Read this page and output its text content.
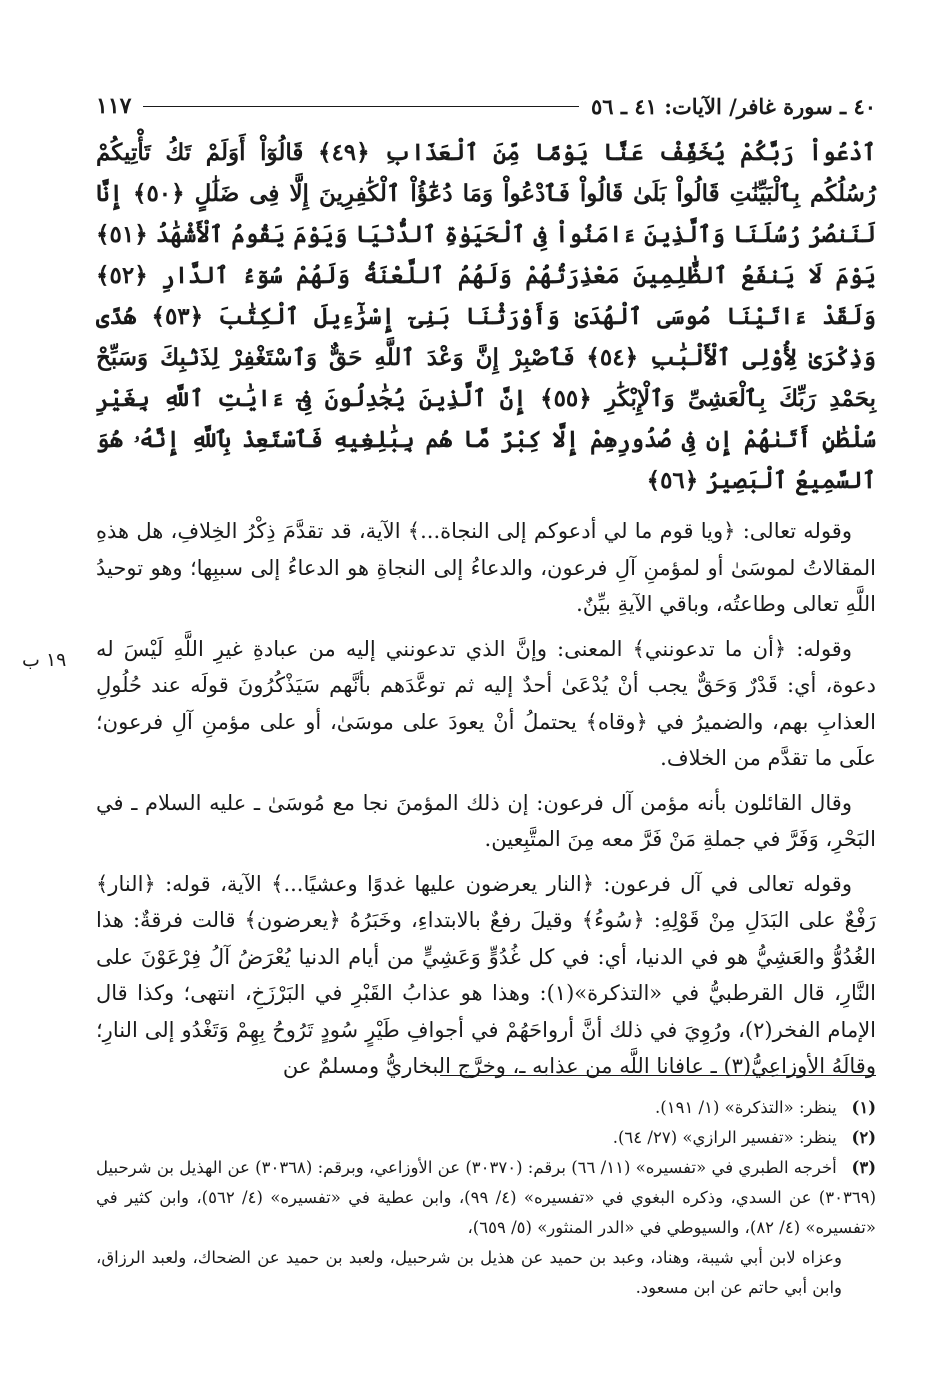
٤٠ ـ سورة غافر/ الآيات: ٤١ ـ ٥٦
١١٧
ٱدْعُواْ رَبَّكُمْ يُخَفِّفْ عَنَّا يَوْمًا مِّنَ ٱلْعَذَابِ ﴿٤٩﴾ قَالُوٓاْ أَوَلَمْ تَكُ تَأْتِيكُمْ رُسُلُكُم بِٱلْبَيِّنَٰتِ قَالُواْ بَلَىٰ قَالُواْ فَٱدْعُواْ وَمَا دُعَٰٓؤُاْ ٱلْكَٰفِرِينَ إِلَّا فِى ضَلَٰلٍ ﴿٥٠﴾ إِنَّا لَنَنصُرُ رُسُلَنَا وَٱلَّذِينَ ءَامَنُواْ فِى ٱلْحَيَوٰةِ ٱلدُّنْيَا وَيَوْمَ يَقُومُ ٱلْأَشْهَٰدُ ﴿٥١﴾ يَوْمَ لَا يَنفَعُ ٱلظَّٰلِمِينَ مَعْذِرَتُهُمْ وَلَهُمُ ٱللَّعْنَةُ وَلَهُمْ سُوٓءُ ٱلدَّارِ ﴿٥٢﴾ وَلَقَدْ ءَاتَيْنَا مُوسَى ٱلْهُدَىٰ وَأَوْرَثْنَا بَنِىٓ إِسْرَٰٓءِيلَ ٱلْكِتَٰبَ ﴿٥٣﴾ هُدًى وَذِكْرَىٰ لِأُوْلِى ٱلْأَلْبَٰبِ ﴿٥٤﴾ فَٱصْبِرْ إِنَّ وَعْدَ ٱللَّهِ حَقٌّ وَٱسْتَغْفِرْ لِذَنۢبِكَ وَسَبِّحْ بِحَمْدِ رَبِّكَ بِٱلْعَشِىِّ وَٱلْإِبْكَٰرِ ﴿٥٥﴾ إِنَّ ٱلَّذِينَ يُجَٰدِلُونَ فِىٓ ءَايَٰتِ ٱللَّهِ بِغَيْرِ سُلْطَٰنٍ أَتَىٰهُمْ إِن فِى صُدُورِهِمْ إِلَّا كِبْرٌ مَّا هُم بِبَٰلِغِيهِ فَٱسْتَعِذْ بِٱللَّهِ إِنَّهُۥ هُوَ ٱلسَّمِيعُ ٱلْبَصِيرُ ﴿٥٦﴾

وقوله تعالى: ﴿ويا قوم ما لي أدعوكم إلى النجاة...﴾ الآية، قد تقدَّمَ ذِكْرُ الخِلافِ، هل هذهِ المقالاتُ لموسَىٰ أو لمؤمنِ آلِ فرعون، والدعاءُ إلى النجاةِ هو الدعاءُ إلى سببِها؛ وهو توحيدُ اللَّهِ تعالى وطاعتُه، وباقي الآيةِ بيِّنٌ.

وقوله: ﴿أن ما تدعونني﴾ المعنى: وإنَّ الذي تدعونني إليه من عبادةِ غيرِ اللَّهِ لَيْسَ له دعوة، أي: قَدْرٌ وَحَقٌّ يجب أنْ يُدْعَىٰ أحدٌ إليه ثم توعَّدَهم بأنَّهم سَيَذْكُرُونَ قولَه عند حُلُولِ العذابِ بهم، والضميرُ في ﴿وقاه﴾ يحتملُ أنْ يعودَ على موسَىٰ، أو على مؤمنِ آلِ فرعون؛ علَى ما تقدَّم من الخلاف.

وقال القائلون بأنه مؤمن آل فرعون: إن ذلك المؤمنَ نجا مع مُوسَىٰ ـ عليه السلام ـ في البَحْرِ، وَفَرَّ في جملةِ مَنْ فَرَّ معه مِنَ المتَّبِعين.

وقوله تعالى في آل فرعون: ﴿النار يعرضون عليها غدوًا وعشيًا...﴾ الآية، قوله: ﴿النار﴾ رَفْعٌ على البَدَلِ مِنْ قَوْلِهِ: ﴿سُوءُ﴾ وقيلَ رفعٌ بالابتداءِ، وخَبَرُهُ ﴿يعرضون﴾ قالت فرقةٌ: هذا الغُدُوُّ والعَشِيُّ هو في الدنيا، أي: في كل غُدُوٍّ وَعَشِيٍّ من أيام الدنيا يُعْرَضُ آلُ فِرْعَوْنَ على النَّارِ، قال القرطبيُّ في «التذكرة»(١): وهذا هو عذابُ القَبْرِ في البَرْزَخِ، انتهى؛ وكذا قال الإمام الفخر(٢)، ورُوِيَ في ذلك أنَّ أرواحَهُمْ في أجوافِ طَيْرٍ سُودٍ تَرُوحُ بِهِمْ وَتَغْدُو إلى النارِ؛ وقالَهُ الأوزاعِيُّ(٣) ـ عافانا اللَّه من عذابه ـ، وخرَّج البخاريُّ ومسلمٌ عن

١٩ ب

(١) ينظر: «التذكرة» (١/ ١٩١).

(٢) ينظر: «تفسير الرازي» (٢٧/ ٦٤).

(٣) أخرجه الطبري في «تفسيره» (١١/ ٦٦) برقم: (٣٠٣٧٠) عن الأوزاعي، وبرقم: (٣٠٣٦٨) عن الهذيل بن شرحبيل (٣٠٣٦٩) عن السدي، وذكره البغوي في «تفسيره» (٤/ ٩٩)، وابن عطية في «تفسيره» (٤/ ٥٦٢)، وابن كثير في «تفسيره» (٤/ ٨٢)، والسيوطي في «الدر المنثور» (٥/ ٦٥٩)،

وعزاه لابن أبي شيبة، وهناد، وعبد بن حميد عن هذيل بن شرحبيل، ولعبد بن حميد عن الضحاك، ولعبد الرزاق، وابن أبي حاتم عن ابن مسعود.
